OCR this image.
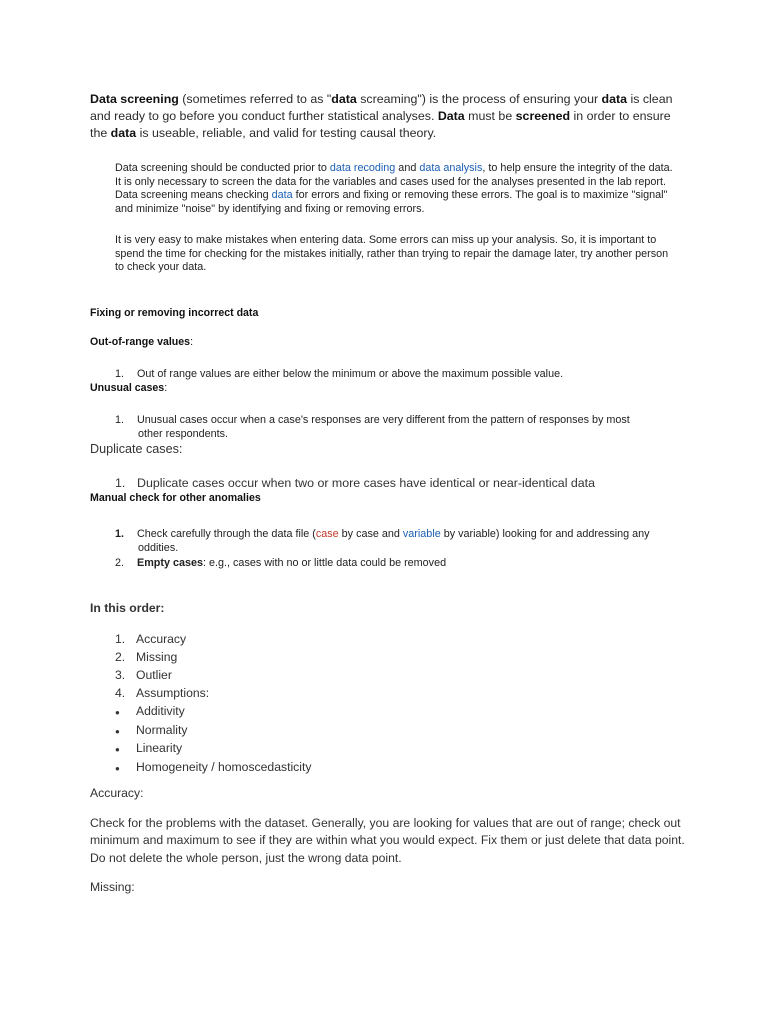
Data screening (sometimes referred to as "data screaming") is the process of ensuring your data is clean and ready to go before you conduct further statistical analyses. Data must be screened in order to ensure the data is useable, reliable, and valid for testing causal theory.
Data screening should be conducted prior to data recoding and data analysis, to help ensure the integrity of the data. It is only necessary to screen the data for the variables and cases used for the analyses presented in the lab report. Data screening means checking data for errors and fixing or removing these errors. The goal is to maximize "signal" and minimize "noise" by identifying and fixing or removing errors.
It is very easy to make mistakes when entering data. Some errors can miss up your analysis. So, it is important to spend the time for checking for the mistakes initially, rather than trying to repair the damage later, try another person to check your data.
Fixing or removing incorrect data
Out-of-range values:
1. Out of range values are either below the minimum or above the maximum possible value.
Unusual cases:
1. Unusual cases occur when a case's responses are very different from the pattern of responses by most
other respondents.
Duplicate cases:
1. Duplicate cases occur when two or more cases have identical or near-identical data
Manual check for other anomalies
1. Check carefully through the data file (case by case and variable by variable) looking for and addressing any
oddities.
2. Empty cases: e.g., cases with no or little data could be removed
In this order:
1. Accuracy
2. Missing
3. Outlier
4. Assumptions:
● Additivity
● Normality
● Linearity
● Homogeneity / homoscedasticity
Accuracy:
Check for the problems with the dataset. Generally, you are looking for values that are out of range; check out minimum and maximum to see if they are within what you would expect. Fix them or just delete that data point. Do not delete the whole person, just the wrong data point.
Missing:
